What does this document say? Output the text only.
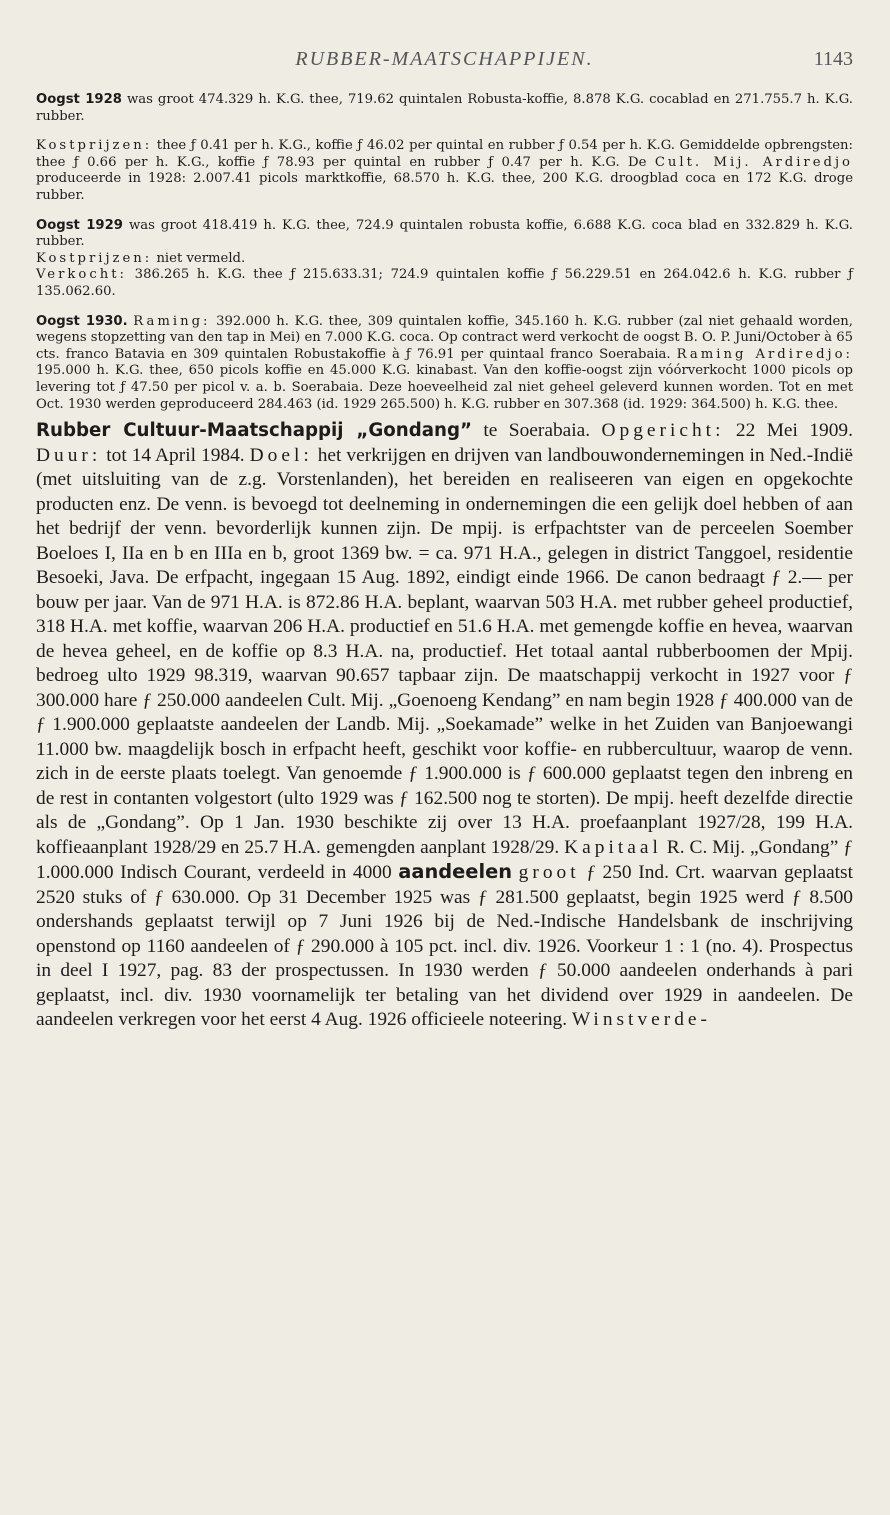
RUBBER-MAATSCHAPPIJEN.	1143

Oogst 1928 was groot 474.329 h. K.G. thee, 719.62 quintalen Robusta-koffie, 8.878 K.G. cocablad en 271.755.7 h. K.G. rubber.

Kostprijzen: thee ƒ 0.41 per h. K.G., koffie ƒ 46.02 per quintal en rubber ƒ 0.54 per h. K.G. Gemiddelde opbrengsten: thee ƒ 0.66 per h. K.G., koffie ƒ 78.93 per quintal en rubber ƒ 0.47 per h. K.G. De Cult. Mij. Ardiredjo produceerde in 1928: 2.007.41 picols marktkoffie, 68.570 h. K.G. thee, 200 K.G. droogblad coca en 172 K.G. droge rubber.

Oogst 1929 was groot 418.419 h. K.G. thee, 724.9 quintalen robusta koffie, 6.688 K.G. coca blad en 332.829 h. K.G. rubber.

Kostprijzen: niet vermeld.

Verkocht: 386.265 h. K.G. thee ƒ 215.633.31; 724.9 quintalen koffie ƒ 56.229.51 en 264.042.6 h. K.G. rubber ƒ 135.062.60.

Oogst 1930. Raming: 392.000 h. K.G. thee, 309 quintalen koffie, 345.160 h. K.G. rubber (zal niet gehaald worden, wegens stopzetting van den tap in Mei) en 7.000 K.G. coca. Op contract werd verkocht de oogst B. O. P. Juni/October à 65 cts. franco Batavia en 309 quintalen Robustakoffie à ƒ 76.91 per quintaal franco Soerabaia. Raming Ardiredjo: 195.000 h. K.G. thee, 650 picols koffie en 45.000 K.G. kinabast. Van den koffie-oogst zijn vóórverkocht 1000 picols op levering tot ƒ 47.50 per picol v. a. b. Soerabaia. Deze hoeveelheid zal niet geheel geleverd kunnen worden. Tot en met Oct. 1930 werden geproduceerd 284.463 (id. 1929 265.500) h. K.G. rubber en 307.368 (id. 1929: 364.500) h. K.G. thee.

Rubber Cultuur-Maatschappij „Gondang” te Soerabaia. Opgericht: 22 Mei 1909. Duur: tot 14 April 1984. Doel: het verkrijgen en drijven van landbouwondernemingen in Ned.-Indië (met uitsluiting van de z.g. Vorstenlanden), het bereiden en realiseeren van eigen en opgekochte producten enz. De venn. is bevoegd tot deelneming in ondernemingen die een gelijk doel hebben of aan het bedrijf der venn. bevorderlijk kunnen zijn. De mpij. is erfpachtster van de perceelen Soember Boeloes I, IIa en b en IIIa en b, groot 1369 bw. = ca. 971 H.A., gelegen in district Tanggoel, residentie Besoeki, Java. De erfpacht, ingegaan 15 Aug. 1892, eindigt einde 1966. De canon bedraagt ƒ 2.— per bouw per jaar. Van de 971 H.A. is 872.86 H.A. beplant, waarvan 503 H.A. met rubber geheel productief, 318 H.A. met koffie, waarvan 206 H.A. productief en 51.6 H.A. met gemengde koffie en hevea, waarvan de hevea geheel, en de koffie op 8.3 H.A. na, productief. Het totaal aantal rubberboomen der Mpij. bedroeg ulto 1929 98.319, waarvan 90.657 tapbaar zijn. De maatschappij verkocht in 1927 voor ƒ 300.000 hare ƒ 250.000 aandeelen Cult. Mij. „Goenoeng Kendang” en nam begin 1928 ƒ 400.000 van de ƒ 1.900.000 geplaatste aandeelen der Landb. Mij. „Soekamade” welke in het Zuiden van Banjoewangi 11.000 bw. maagdelijk bosch in erfpacht heeft, geschikt voor koffie- en rubbercultuur, waarop de venn. zich in de eerste plaats toelegt. Van genoemde ƒ 1.900.000 is ƒ 600.000 geplaatst tegen den inbreng en de rest in contanten volgestort (ulto 1929 was ƒ 162.500 nog te storten). De mpij. heeft dezelfde directie als de „Gondang”. Op 1 Jan. 1930 beschikte zij over 13 H.A. proefaanplant 1927/28, 199 H.A. koffieaanplant 1928/29 en 25.7 H.A. gemengden aanplant 1928/29. Kapitaal R. C. Mij. „Gondang” ƒ 1.000.000 Indisch Courant, verdeeld in 4000 aandeelen groot ƒ 250 Ind. Crt. waarvan geplaatst 2520 stuks of ƒ 630.000. Op 31 December 1925 was ƒ 281.500 geplaatst, begin 1925 werd ƒ 8.500 ondershands geplaatst terwijl op 7 Juni 1926 bij de Ned.-Indische Handelsbank de inschrijving openstond op 1160 aandeelen of ƒ 290.000 à 105 pct. incl. div. 1926. Voorkeur 1 : 1 (no. 4). Prospectus in deel I 1927, pag. 83 der prospectussen. In 1930 werden ƒ 50.000 aandeelen onderhands à pari geplaatst, incl. div. 1930 voornamelijk ter betaling van het dividend over 1929 in aandeelen. De aandeelen verkregen voor het eerst 4 Aug. 1926 officieele noteering. Winstverde-
